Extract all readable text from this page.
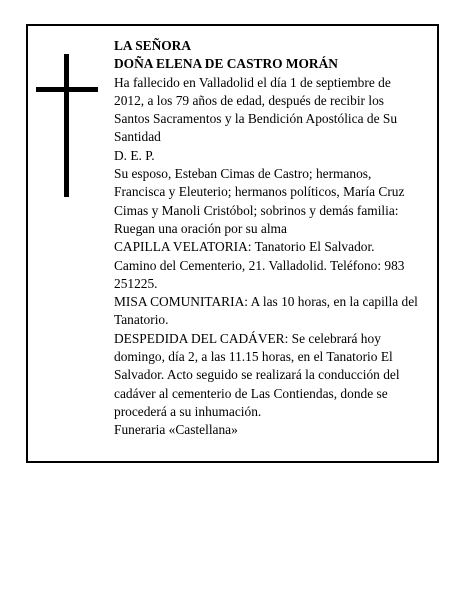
LA SEÑORA

DOÑA ELENA DE CASTRO MORÁN

Ha fallecido en Valladolid el día 1 de septiembre de 2012, a los 79 años de edad, después de recibir los Santos Sacramentos y la Bendición Apostólica de Su Santidad

D. E. P.

Su esposo, Esteban Cimas de Castro; hermanos, Francisca y Eleuterio; hermanos políticos, María Cruz Cimas y Manoli Cristóbol; sobrinos y demás familia:

Ruegan una oración por su alma

CAPILLA VELATORIA: Tanatorio El Salvador. Camino del Cementerio, 21. Valladolid. Teléfono: 983 251225.

MISA COMUNITARIA: A las 10 horas, en la capilla del Tanatorio.

DESPEDIDA DEL CADÁVER: Se celebrará hoy domingo, día 2, a las 11.15 horas, en el Tanatorio El Salvador. Acto seguido se realizará la conducción del cadáver al cementerio de Las Contiendas, donde se procederá a su inhumación.

Funeraria «Castellana»
